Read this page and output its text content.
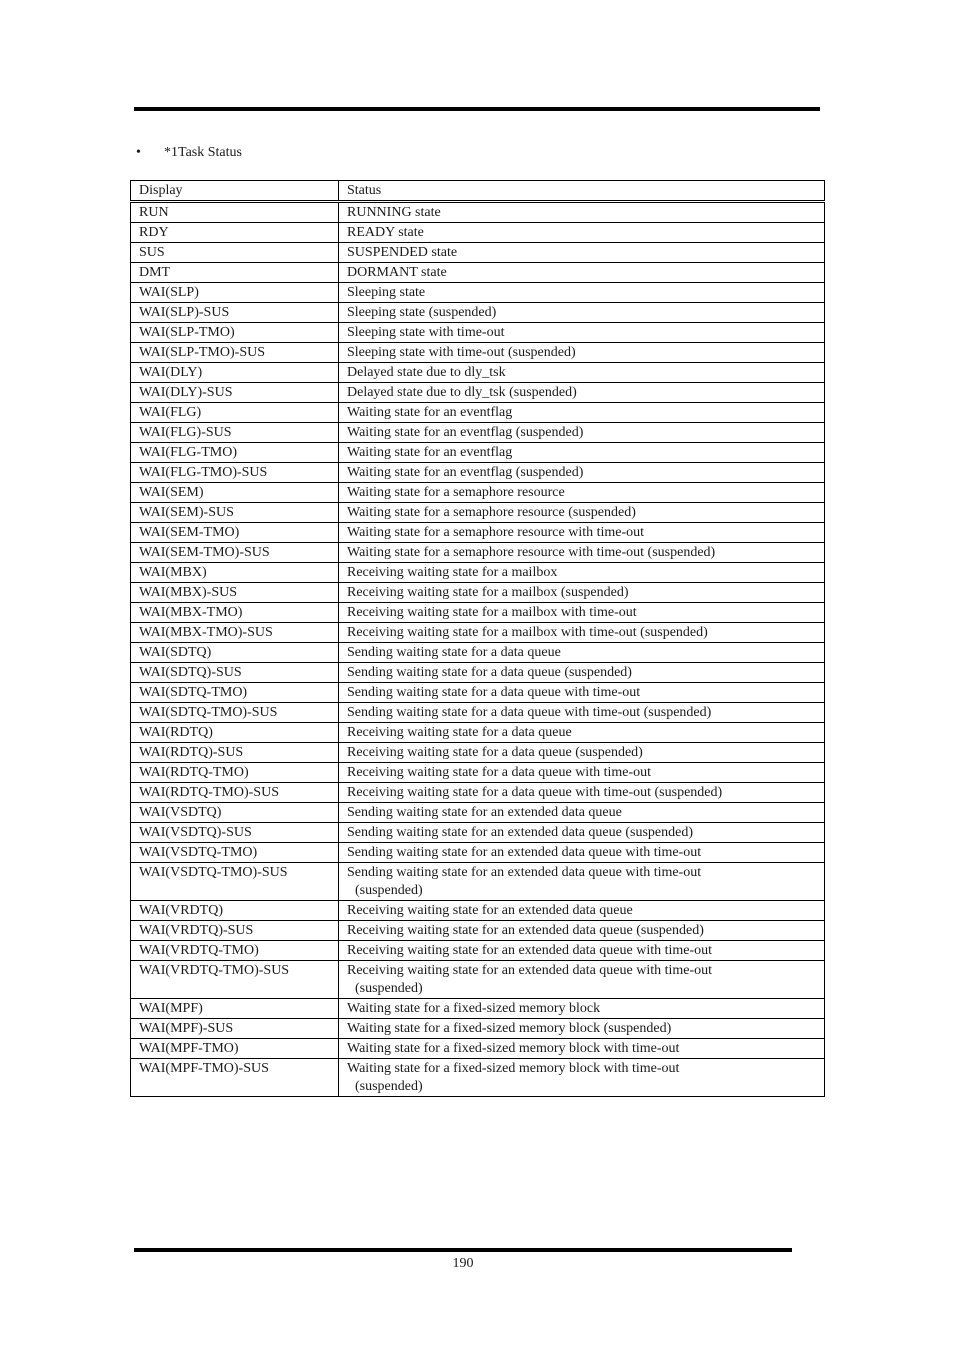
• *1Task Status
Display	Status
RUN	RUNNING state
RDY	READY state
SUS	SUSPENDED state
DMT	DORMANT state
WAI(SLP)	Sleeping state
WAI(SLP)-SUS	Sleeping state (suspended)
WAI(SLP-TMO)	Sleeping state with time-out
WAI(SLP-TMO)-SUS	Sleeping state with time-out (suspended)
WAI(DLY)	Delayed state due to dly_tsk
WAI(DLY)-SUS	Delayed state due to dly_tsk (suspended)
WAI(FLG)	Waiting state for an eventflag
WAI(FLG)-SUS	Waiting state for an eventflag (suspended)
WAI(FLG-TMO)	Waiting state for an eventflag
WAI(FLG-TMO)-SUS	Waiting state for an eventflag (suspended)
WAI(SEM)	Waiting state for a semaphore resource
WAI(SEM)-SUS	Waiting state for a semaphore resource (suspended)
WAI(SEM-TMO)	Waiting state for a semaphore resource with time-out
WAI(SEM-TMO)-SUS	Waiting state for a semaphore resource with time-out (suspended)
WAI(MBX)	Receiving waiting state for a mailbox
WAI(MBX)-SUS	Receiving waiting state for a mailbox (suspended)
WAI(MBX-TMO)	Receiving waiting state for a mailbox with time-out
WAI(MBX-TMO)-SUS	Receiving waiting state for a mailbox with time-out (suspended)
WAI(SDTQ)	Sending waiting state for a data queue
WAI(SDTQ)-SUS	Sending waiting state for a data queue (suspended)
WAI(SDTQ-TMO)	Sending waiting state for a data queue with time-out
WAI(SDTQ-TMO)-SUS	Sending waiting state for a data queue with time-out (suspended)
WAI(RDTQ)	Receiving waiting state for a data queue
WAI(RDTQ)-SUS	Receiving waiting state for a data queue (suspended)
WAI(RDTQ-TMO)	Receiving waiting state for a data queue with time-out
WAI(RDTQ-TMO)-SUS	Receiving waiting state for a data queue with time-out (suspended)
WAI(VSDTQ)	Sending waiting state for an extended data queue
WAI(VSDTQ)-SUS	Sending waiting state for an extended data queue (suspended)
WAI(VSDTQ-TMO)	Sending waiting state for an extended data queue with time-out
WAI(VSDTQ-TMO)-SUS	Sending waiting state for an extended data queue with time-out
(suspended)

WAI(VRDTQ)	Receiving waiting state for an extended data queue
WAI(VRDTQ)-SUS	Receiving waiting state for an extended data queue (suspended)
WAI(VRDTQ-TMO)	Receiving waiting state for an extended data queue with time-out
WAI(VRDTQ-TMO)-SUS	Receiving waiting state for an extended data queue with time-out
(suspended)

WAI(MPF)	Waiting state for a fixed-sized memory block
WAI(MPF)-SUS	Waiting state for a fixed-sized memory block (suspended)
WAI(MPF-TMO)	Waiting state for a fixed-sized memory block with time-out
WAI(MPF-TMO)-SUS	Waiting state for a fixed-sized memory block with time-out
(suspended)
190
